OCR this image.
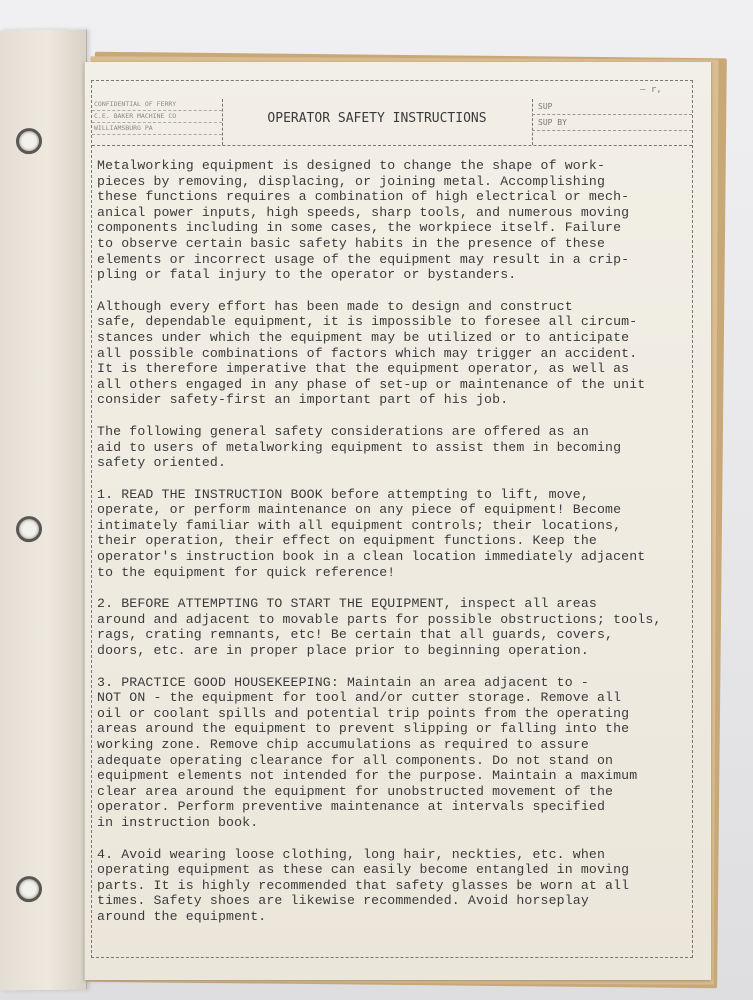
– r,
CONFIDENTIAL OF FERRY
C.E. BAKER MACHINE CO
WILLIAMSBURG PA
OPERATOR SAFETY INSTRUCTIONS
SUP
SUP BY

Metalworking equipment is designed to change the shape of work-
pieces by removing, displacing, or joining metal. Accomplishing
these functions requires a combination of high electrical or mech-
anical power inputs, high speeds, sharp tools, and numerous moving
components including in some cases, the workpiece itself. Failure
to observe certain basic safety habits in the presence of these
elements or incorrect usage of the equipment may result in a crip-
pling or fatal injury to the operator or bystanders.

Although every effort has been made to design and construct
safe, dependable equipment, it is impossible to foresee all circum-
stances under which the equipment may be utilized or to anticipate
all possible combinations of factors which may trigger an accident.
It is therefore imperative that the equipment operator, as well as
all others engaged in any phase of set-up or maintenance of the unit
consider safety-first an important part of his job.

The following general safety considerations are offered as an
aid to users of metalworking equipment to assist them in becoming
safety oriented.

1. READ THE INSTRUCTION BOOK before attempting to lift, move,
operate, or perform maintenance on any piece of equipment! Become
intimately familiar with all equipment controls; their locations,
their operation, their effect on equipment functions. Keep the
operator's instruction book in a clean location immediately adjacent
to the equipment for quick reference!

2. BEFORE ATTEMPTING TO START THE EQUIPMENT, inspect all areas
around and adjacent to movable parts for possible obstructions; tools,
rags, crating remnants, etc! Be certain that all guards, covers,
doors, etc. are in proper place prior to beginning operation.

3. PRACTICE GOOD HOUSEKEEPING: Maintain an area adjacent to -
NOT ON - the equipment for tool and/or cutter storage. Remove all
oil or coolant spills and potential trip points from the operating
areas around the equipment to prevent slipping or falling into the
working zone. Remove chip accumulations as required to assure
adequate operating clearance for all components. Do not stand on
equipment elements not intended for the purpose. Maintain a maximum
clear area around the equipment for unobstructed movement of the
operator. Perform preventive maintenance at intervals specified
in instruction book.

4. Avoid wearing loose clothing, long hair, neckties, etc. when
operating equipment as these can easily become entangled in moving
parts. It is highly recommended that safety glasses be worn at all
times. Safety shoes are likewise recommended. Avoid horseplay
around the equipment.
